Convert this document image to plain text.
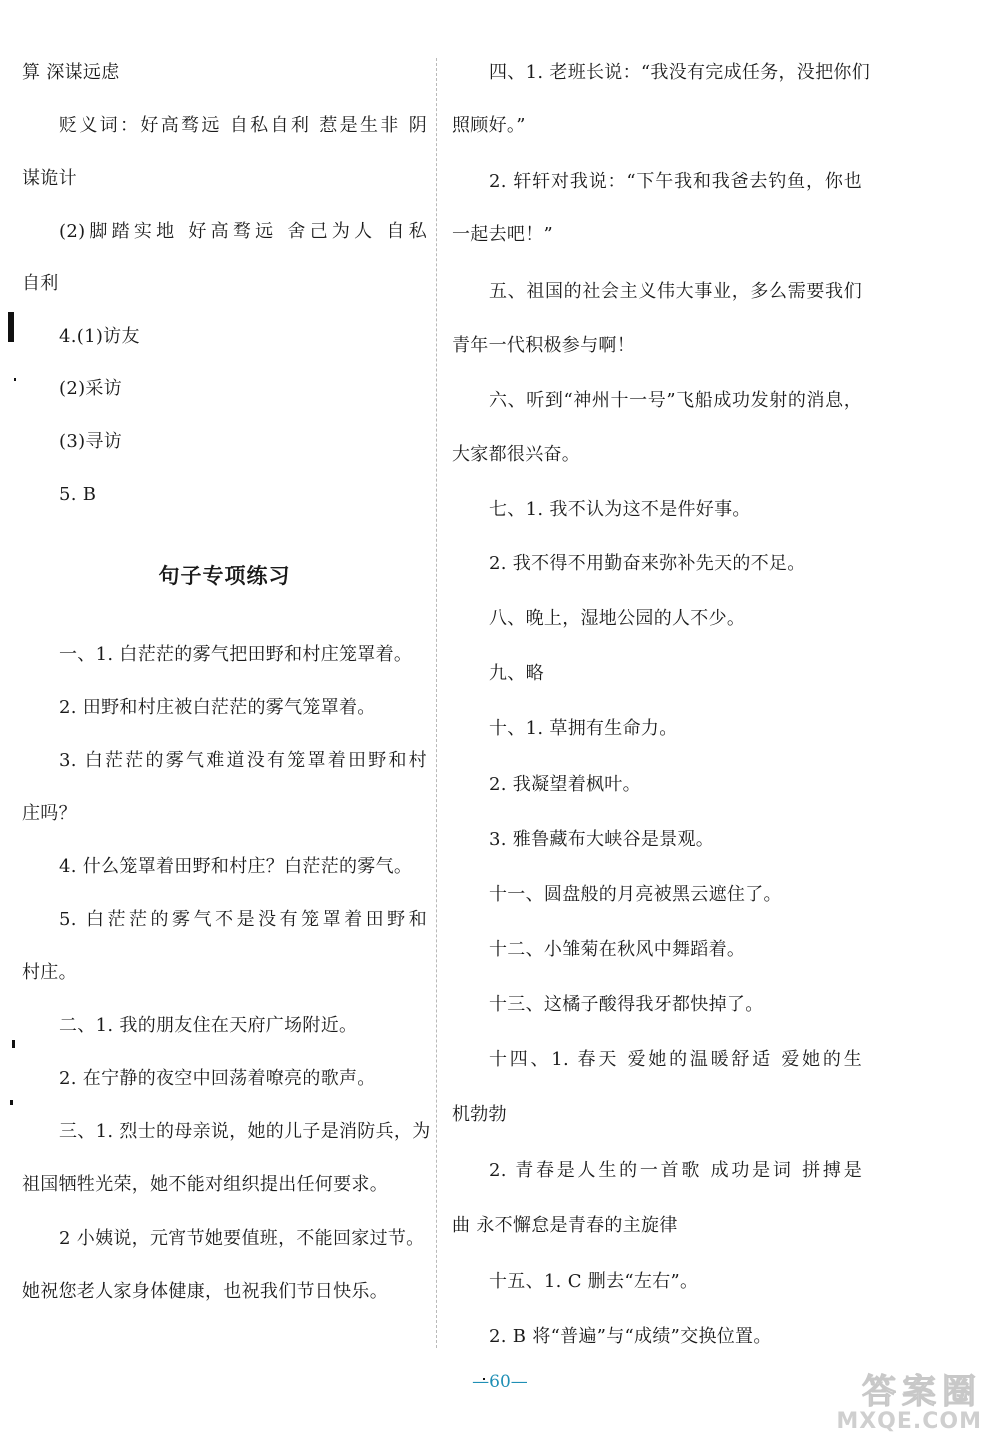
算 深谋远虑
贬义词：好高骛远 自私自利 惹是生非 阴
谋诡计
(2)脚踏实地 好高骛远 舍己为人 自私
自利
4.(1)访友
(2)采访
(3)寻访
5. B
句子专项练习
一、1. 白茫茫的雾气把田野和村庄笼罩着。
2. 田野和村庄被白茫茫的雾气笼罩着。
3. 白茫茫的雾气难道没有笼罩着田野和村
庄吗？
4. 什么笼罩着田野和村庄？白茫茫的雾气。
5. 白茫茫的雾气不是没有笼罩着田野和
村庄。
二、1. 我的朋友住在天府广场附近。
2. 在宁静的夜空中回荡着嘹亮的歌声。
三、1. 烈士的母亲说，她的儿子是消防兵，为
祖国牺牲光荣，她不能对组织提出任何要求。
2 小姨说，元宵节她要值班，不能回家过节。
她祝您老人家身体健康，也祝我们节日快乐。
四、1. 老班长说：“我没有完成任务，没把你们
照顾好。”
2. 轩轩对我说：“下午我和我爸去钓鱼，你也
一起去吧！”
五、祖国的社会主义伟大事业，多么需要我们
青年一代积极参与啊！
六、听到“神州十一号”飞船成功发射的消息，
大家都很兴奋。
七、1. 我不认为这不是件好事。
2. 我不得不用勤奋来弥补先天的不足。
八、晚上，湿地公园的人不少。
九、略
十、1. 草拥有生命力。
2. 我凝望着枫叶。
3. 雅鲁藏布大峡谷是景观。
十一、圆盘般的月亮被黑云遮住了。
十二、小雏菊在秋风中舞蹈着。
十三、这橘子酸得我牙都快掉了。
十四、1. 春天 爱她的温暖舒适 爱她的生
机勃勃
2. 青春是人生的一首歌 成功是词 拼搏是
曲 永不懈怠是青春的主旋律
十五、1. C 删去“左右”。
2. B 将“普遍”与“成绩”交换位置。
—60—	答案圈
MXQE.COM
